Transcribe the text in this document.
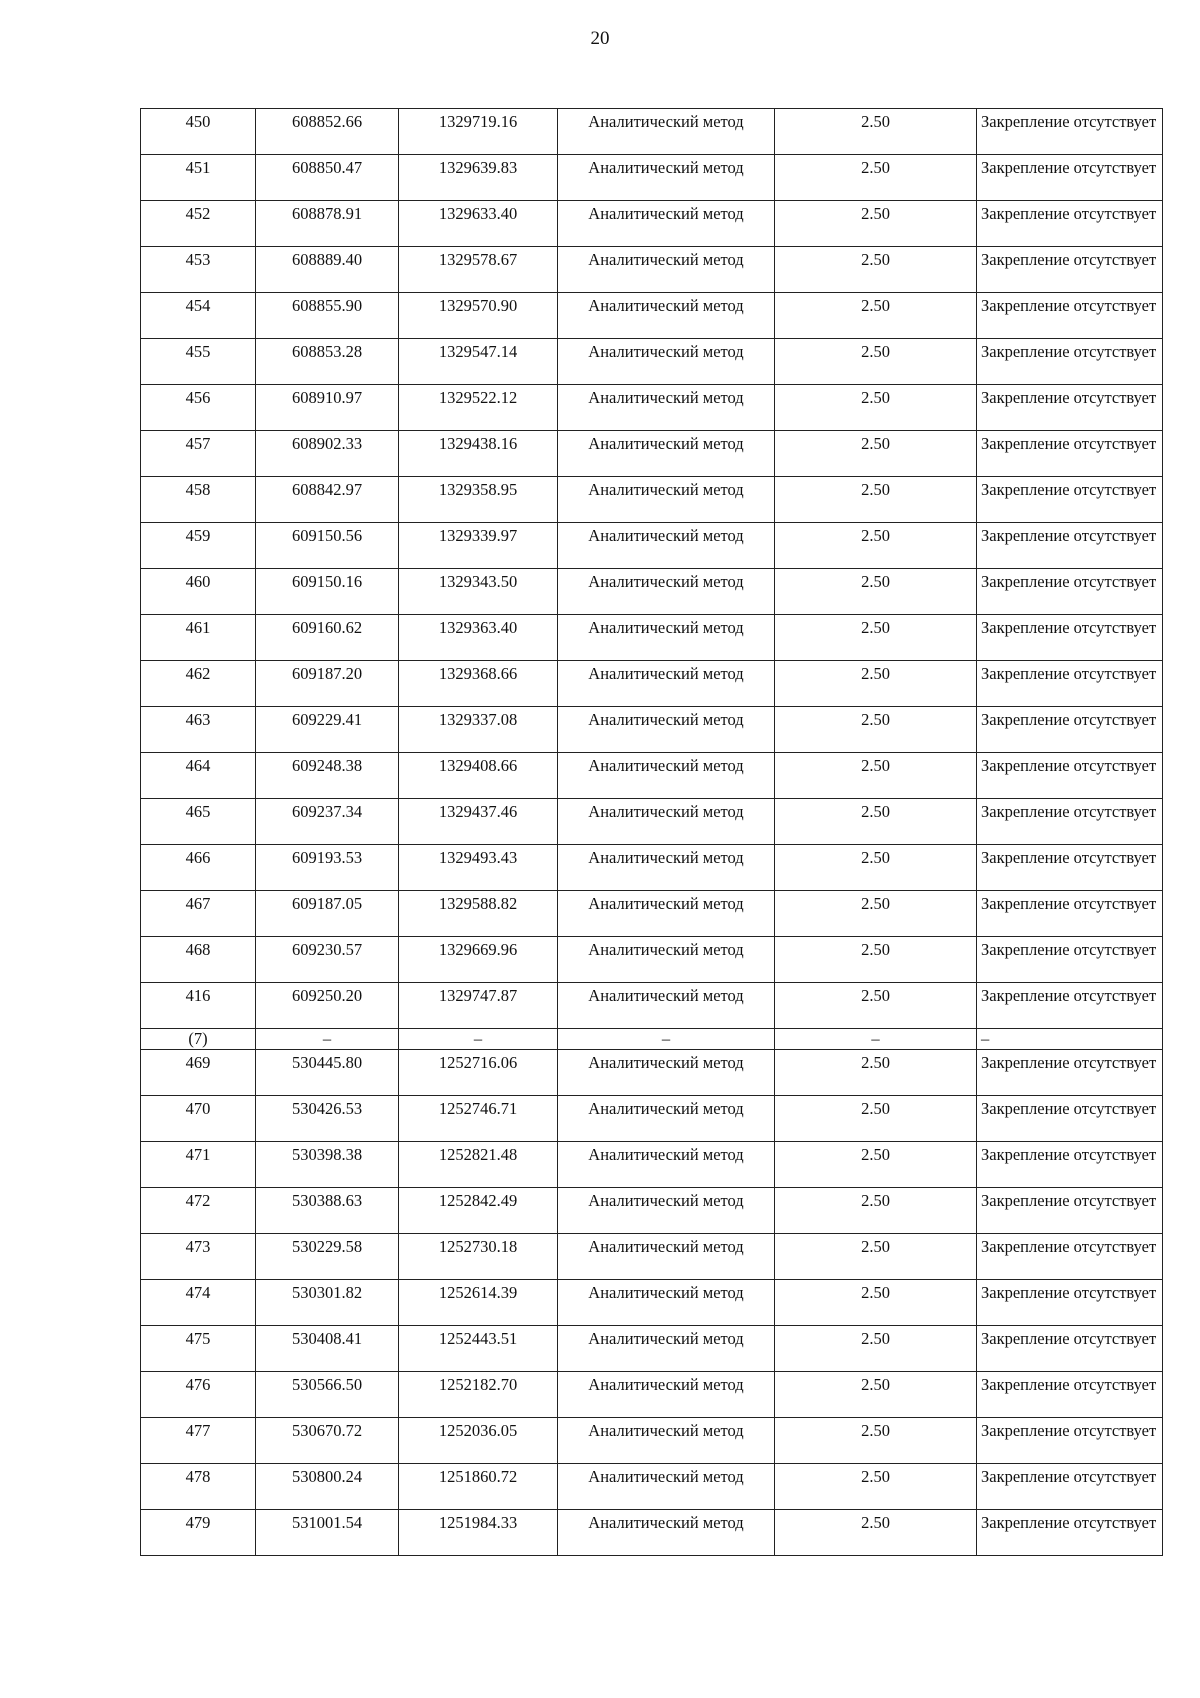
20
450	608852.66	1329719.16	Аналитический метод	2.50	Закрепление отсутствует
451	608850.47	1329639.83	Аналитический метод	2.50	Закрепление отсутствует
452	608878.91	1329633.40	Аналитический метод	2.50	Закрепление отсутствует
453	608889.40	1329578.67	Аналитический метод	2.50	Закрепление отсутствует
454	608855.90	1329570.90	Аналитический метод	2.50	Закрепление отсутствует
455	608853.28	1329547.14	Аналитический метод	2.50	Закрепление отсутствует
456	608910.97	1329522.12	Аналитический метод	2.50	Закрепление отсутствует
457	608902.33	1329438.16	Аналитический метод	2.50	Закрепление отсутствует
458	608842.97	1329358.95	Аналитический метод	2.50	Закрепление отсутствует
459	609150.56	1329339.97	Аналитический метод	2.50	Закрепление отсутствует
460	609150.16	1329343.50	Аналитический метод	2.50	Закрепление отсутствует
461	609160.62	1329363.40	Аналитический метод	2.50	Закрепление отсутствует
462	609187.20	1329368.66	Аналитический метод	2.50	Закрепление отсутствует
463	609229.41	1329337.08	Аналитический метод	2.50	Закрепление отсутствует
464	609248.38	1329408.66	Аналитический метод	2.50	Закрепление отсутствует
465	609237.34	1329437.46	Аналитический метод	2.50	Закрепление отсутствует
466	609193.53	1329493.43	Аналитический метод	2.50	Закрепление отсутствует
467	609187.05	1329588.82	Аналитический метод	2.50	Закрепление отсутствует
468	609230.57	1329669.96	Аналитический метод	2.50	Закрепление отсутствует
416	609250.20	1329747.87	Аналитический метод	2.50	Закрепление отсутствует
(7)	–	–	–	–	–
469	530445.80	1252716.06	Аналитический метод	2.50	Закрепление отсутствует
470	530426.53	1252746.71	Аналитический метод	2.50	Закрепление отсутствует
471	530398.38	1252821.48	Аналитический метод	2.50	Закрепление отсутствует
472	530388.63	1252842.49	Аналитический метод	2.50	Закрепление отсутствует
473	530229.58	1252730.18	Аналитический метод	2.50	Закрепление отсутствует
474	530301.82	1252614.39	Аналитический метод	2.50	Закрепление отсутствует
475	530408.41	1252443.51	Аналитический метод	2.50	Закрепление отсутствует
476	530566.50	1252182.70	Аналитический метод	2.50	Закрепление отсутствует
477	530670.72	1252036.05	Аналитический метод	2.50	Закрепление отсутствует
478	530800.24	1251860.72	Аналитический метод	2.50	Закрепление отсутствует
479	531001.54	1251984.33	Аналитический метод	2.50	Закрепление отсутствует
